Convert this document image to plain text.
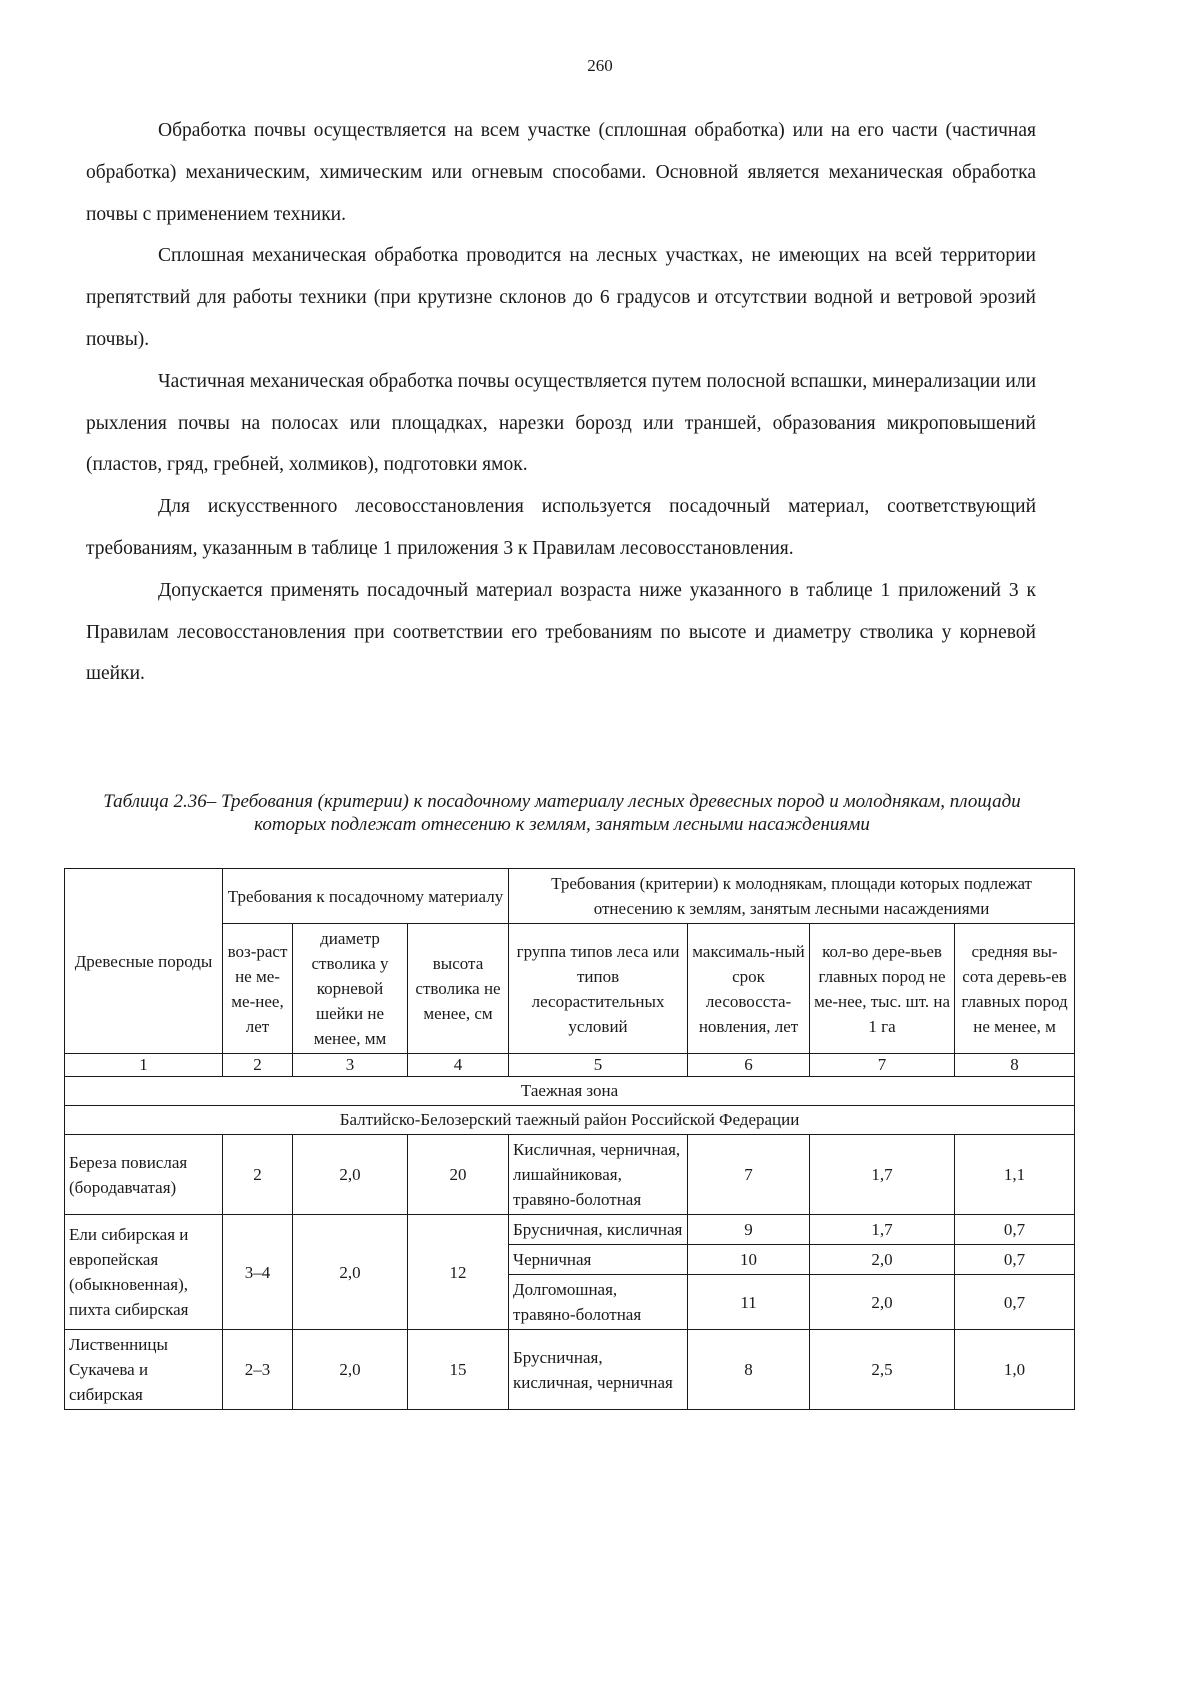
260

Обработка почвы осуществляется на всем участке (сплошная обработка) или на его части (частичная обработка) механическим, химическим или огневым способами. Основной является механическая обработка почвы с применением техники.

Сплошная механическая обработка проводится на лесных участках, не имеющих на всей территории препятствий для работы техники (при крутизне склонов до 6 градусов и отсутствии водной и ветровой эрозий почвы).

Частичная механическая обработка почвы осуществляется путем полосной вспашки, минерализации или рыхления почвы на полосах или площадках, нарезки борозд или траншей, образования микроповышений (пластов, гряд, гребней, холмиков), подготовки ямок.

Для искусственного лесовосстановления используется посадочный материал, соответствующий требованиям, указанным в таблице 1 приложения 3 к Правилам лесовосстановления.

Допускается применять посадочный материал возраста ниже указанного в таблице 1 приложений 3 к Правилам лесовосстановления при соответствии его требованиям по высоте и диаметру стволика у корневой шейки.

Таблица 2.36– Требования (критерии) к посадочному материалу лесных древесных пород и молоднякам, площади которых подлежат отнесению к землям, занятым лесными насаждениями
Древесные породы	Требования к посадочному материалу			Требования (критерии) к молоднякам, площади которых подлежат отнесению к землям, занятым лесными насаждениями			
	воз-раст не ме-ме-нее, лет	диаметр стволика у корневой шейки не менее, мм	высота стволика не менее, см	группа типов леса или типов лесорастительных условий	максималь-ный срок лесовосста-новления, лет	кол-во дере-вьев главных пород не ме-нее, тыс. шт. на 1 га	средняя вы-сота деревь-ев главных пород не менее, м
1	2	3	4	5	6	7	8
Таежная зона							
Балтийско-Белозерский таежный район Российской Федерации							
Береза повислая (бородавчатая)	2	2,0	20	Кисличная, черничная, лишайниковая, травяно-болотная	7	1,7	1,1
Ели сибирская и европейская (обыкновенная), пихта сибирская	3–4	2,0	12	Брусничная, кисличная	9	1,7	0,7
				Черничная	10	2,0	0,7
				Долгомошная, травяно-болотная	11	2,0	0,7
Лиственницы Сукачева и сибирская	2–3	2,0	15	Брусничная, кисличная, черничная	8	2,5	1,0
